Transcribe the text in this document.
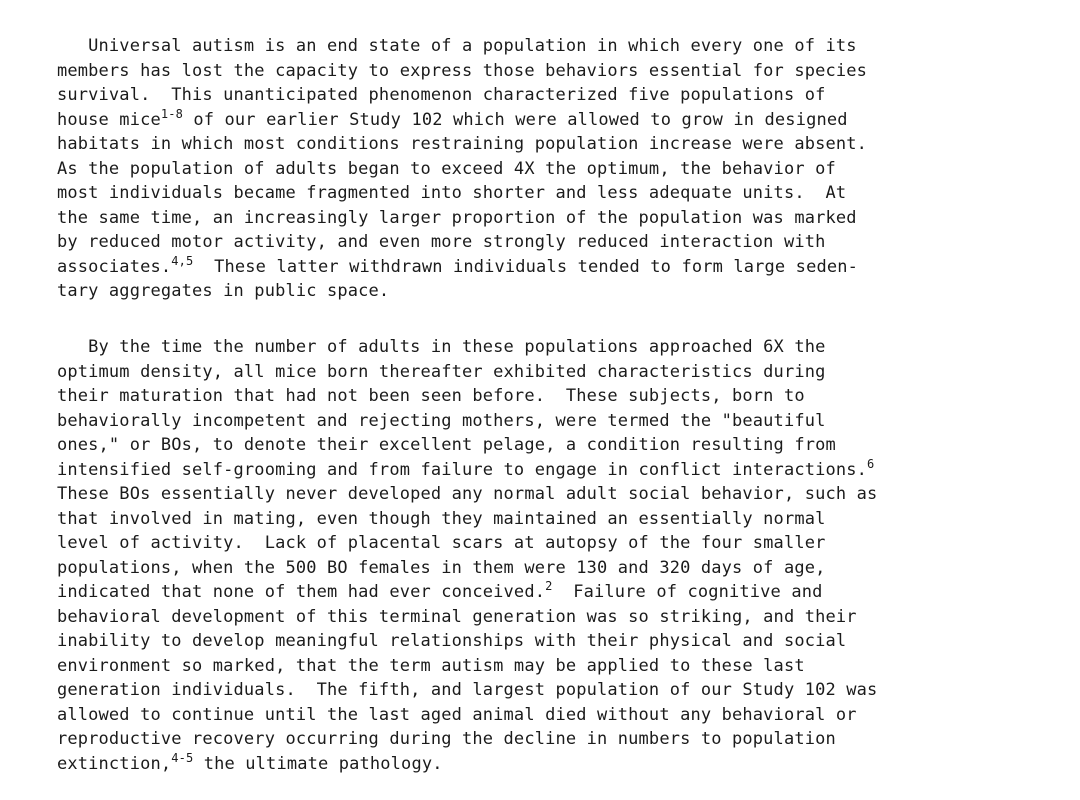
Universal autism is an end state of a population in which every one of its
members has lost the capacity to express those behaviors essential for species
survival.  This unanticipated phenomenon characterized five populations of
house mice$^{1-8}$ of our earlier Study 102 which were allowed to grow in designed
habitats in which most conditions restraining population increase were absent.
As the population of adults began to exceed 4X the optimum, the behavior of
most individuals became fragmented into shorter and less adequate units.  At
the same time, an increasingly larger proportion of the population was marked
by reduced motor activity, and even more strongly reduced interaction with
associates.$^{4,5}$  These latter withdrawn individuals tended to form large seden-
tary aggregates in public space.

By the time the number of adults in these populations approached 6X the
optimum density, all mice born thereafter exhibited characteristics during
their maturation that had not been seen before.  These subjects, born to
behaviorally incompetent and rejecting mothers, were termed the "beautiful
ones," or BOs, to denote their excellent pelage, a condition resulting from
intensified self-grooming and from failure to engage in conflict interactions.$^6$
These BOs essentially never developed any normal adult social behavior, such as
that involved in mating, even though they maintained an essentially normal
level of activity.  Lack of placental scars at autopsy of the four smaller
populations, when the 500 BO females in them were 130 and 320 days of age,
indicated that none of them had ever conceived.$^2$  Failure of cognitive and
behavioral development of this terminal generation was so striking, and their
inability to develop meaningful relationships with their physical and social
environment so marked, that the term autism may be applied to these last
generation individuals.  The fifth, and largest population of our Study 102 was
allowed to continue until the last aged animal died without any behavioral or
reproductive recovery occurring during the decline in numbers to population
extinction,$^{4-5}$ the ultimate pathology.
